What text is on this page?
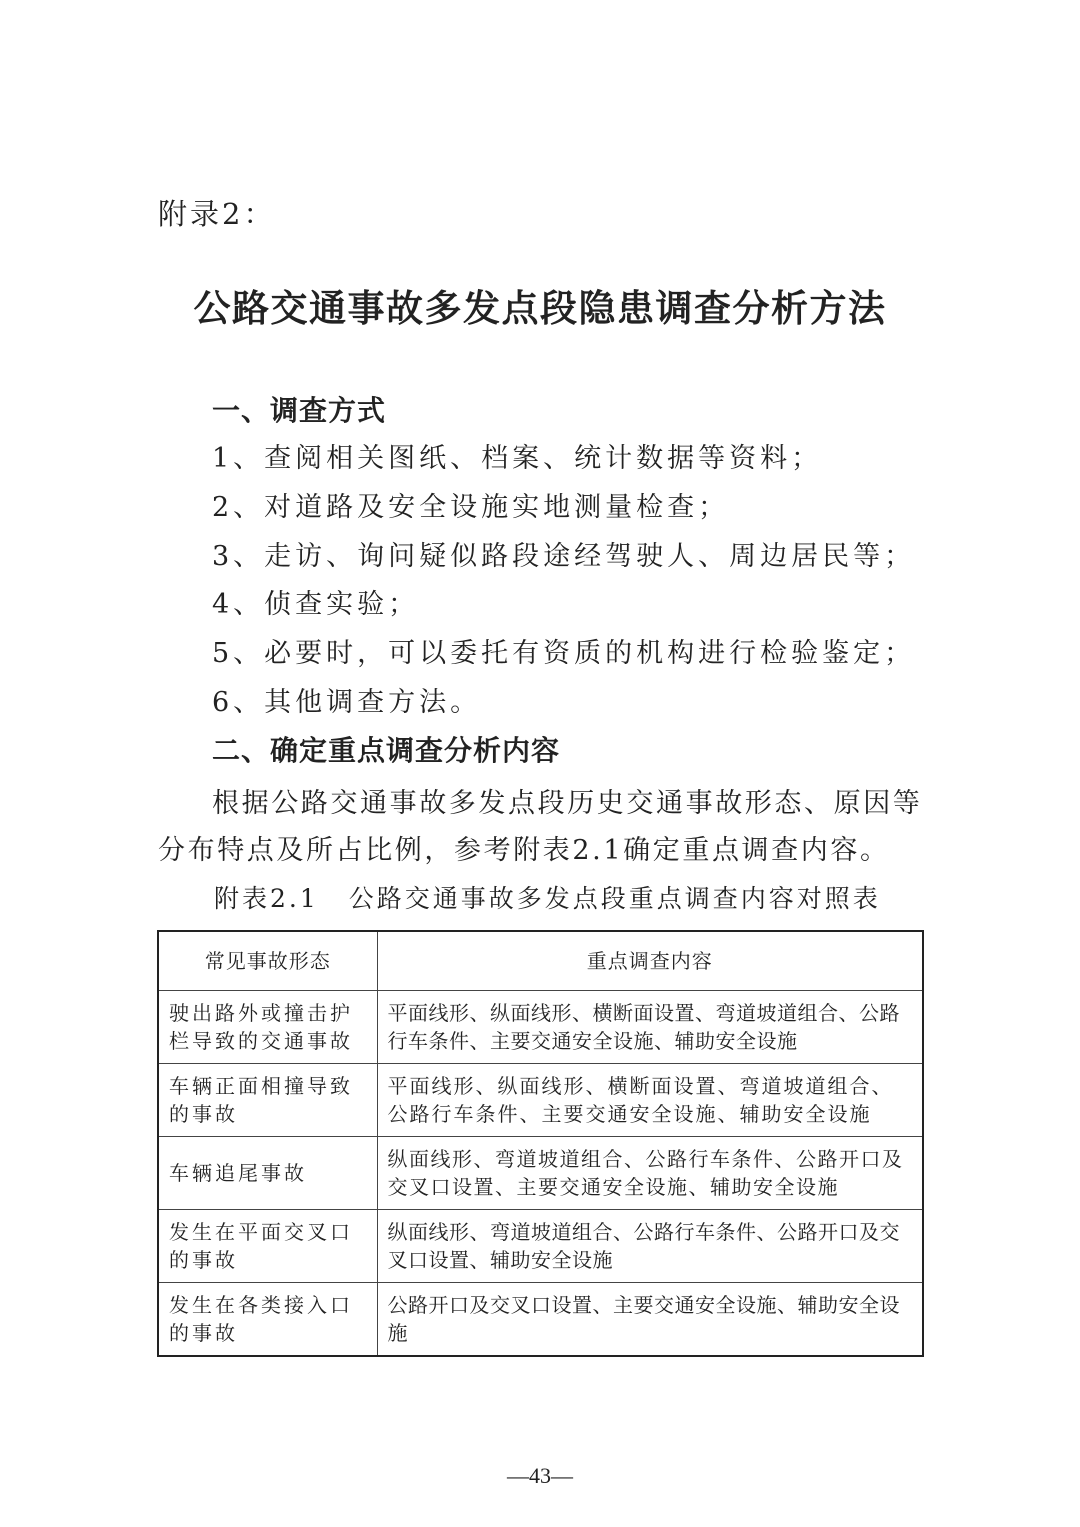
附录2：
公路交通事故多发点段隐患调查分析方法
一、调查方式
1、查阅相关图纸、档案、统计数据等资料；
2、对道路及安全设施实地测量检查；
3、走访、询问疑似路段途经驾驶人、周边居民等；
4、侦查实验；
5、必要时，可以委托有资质的机构进行检验鉴定；
6、其他调查方法。
二、确定重点调查分析内容
根据公路交通事故多发点段历史交通事故形态、原因等分布特点及所占比例，参考附表2.1确定重点调查内容。
附表2.1 公路交通事故多发点段重点调查内容对照表
常见事故形态	重点调查内容
驶出路外或撞击护栏导致的交通事故	平面线形、纵面线形、横断面设置、弯道坡道组合、公路行车条件、主要交通安全设施、辅助安全设施
车辆正面相撞导致的事故	平面线形、纵面线形、横断面设置、弯道坡道组合、公路行车条件、主要交通安全设施、辅助安全设施
车辆追尾事故	纵面线形、弯道坡道组合、公路行车条件、公路开口及交叉口设置、主要交通安全设施、辅助安全设施
发生在平面交叉口的事故	纵面线形、弯道坡道组合、公路行车条件、公路开口及交叉口设置、辅助安全设施
发生在各类接入口的事故	公路开口及交叉口设置、主要交通安全设施、辅助安全设施
—43—
